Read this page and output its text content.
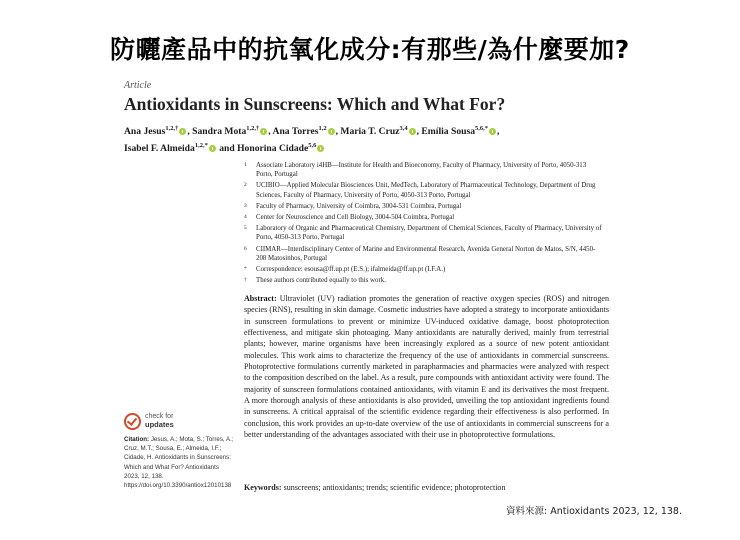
防曬產品中的抗氧化成分:有那些/為什麼要加?
Article
Antioxidants in Sunscreens: Which and What For?
Ana Jesus$^{1,2,\dagger}$ , Sandra Mota$^{1,2,\dagger}$ , Ana Torres$^{1,2}$ , Maria T. Cruz$^{3,4}$ , Emília Sousa$^{5,6,*}$ ,
Isabel F. Almeida$^{1,2,*}$ and Honorina Cidade$^{5,6}$
1	Associate Laboratory i4HB—Institute for Health and Bioeconomy, Faculty of Pharmacy, University of Porto, 4050-313 Porto, Portugal
2	UCIBIO—Applied Molecular Biosciences Unit, MedTech, Laboratory of Pharmaceutical Technology, Department of Drug Sciences, Faculty of Pharmacy, University of Porto, 4050-313 Porto, Portugal
3	Faculty of Pharmacy, University of Coimbra, 3004-531 Coimbra, Portugal
4	Center for Neuroscience and Cell Biology, 3004-504 Coimbra, Portugal
5	Laboratory of Organic and Pharmaceutical Chemistry, Department of Chemical Sciences, Faculty of Pharmacy, University of Porto, 4050-313 Porto, Portugal
6	CIIMAR—Interdisciplinary Center of Marine and Environmental Research, Avenida General Norton de Matos, S/N, 4450-208 Matosinhos, Portugal
*	Correspondence: esousa@ff.up.pt (E.S.); ifalmeida@ff.up.pt (I.F.A.)
†	These authors contributed equally to this work.
check for
updates
Citation: Jesus, A.; Mota, S.; Torres, A.; Cruz, M.T.; Sousa, E.; Almeida, I.F.; Cidade, H. Antioxidants in Sunscreens: Which and What For? Antioxidants 2023, 12, 138. https://doi.org/10.3390/antiox12010138
Abstract: Ultraviolet (UV) radiation promotes the generation of reactive oxygen species (ROS) and nitrogen species (RNS), resulting in skin damage. Cosmetic industries have adopted a strategy to incorporate antioxidants in sunscreen formulations to prevent or minimize UV-induced oxidative damage, boost photoprotection effectiveness, and mitigate skin photoaging. Many antioxidants are naturally derived, mainly from terrestrial plants; however, marine organisms have been increasingly explored as a source of new potent antioxidant molecules. This work aims to characterize the frequency of the use of antioxidants in commercial sunscreens. Photoprotective formulations currently marketed in parapharmacies and pharmacies were analyzed with respect to the composition described on the label. As a result, pure compounds with antioxidant activity were found. The majority of sunscreen formulations contained antioxidants, with vitamin E and its derivatives the most frequent. A more thorough analysis of these antioxidants is also provided, unveiling the top antioxidant ingredients found in sunscreens. A critical appraisal of the scientific evidence regarding their effectiveness is also performed. In conclusion, this work provides an up-to-date overview of the use of antioxidants in commercial sunscreens for a better understanding of the advantages associated with their use in photoprotective formulations.
Keywords: sunscreens; antioxidants; trends; scientific evidence; photoprotection
資料來源: Antioxidants 2023, 12, 138.
